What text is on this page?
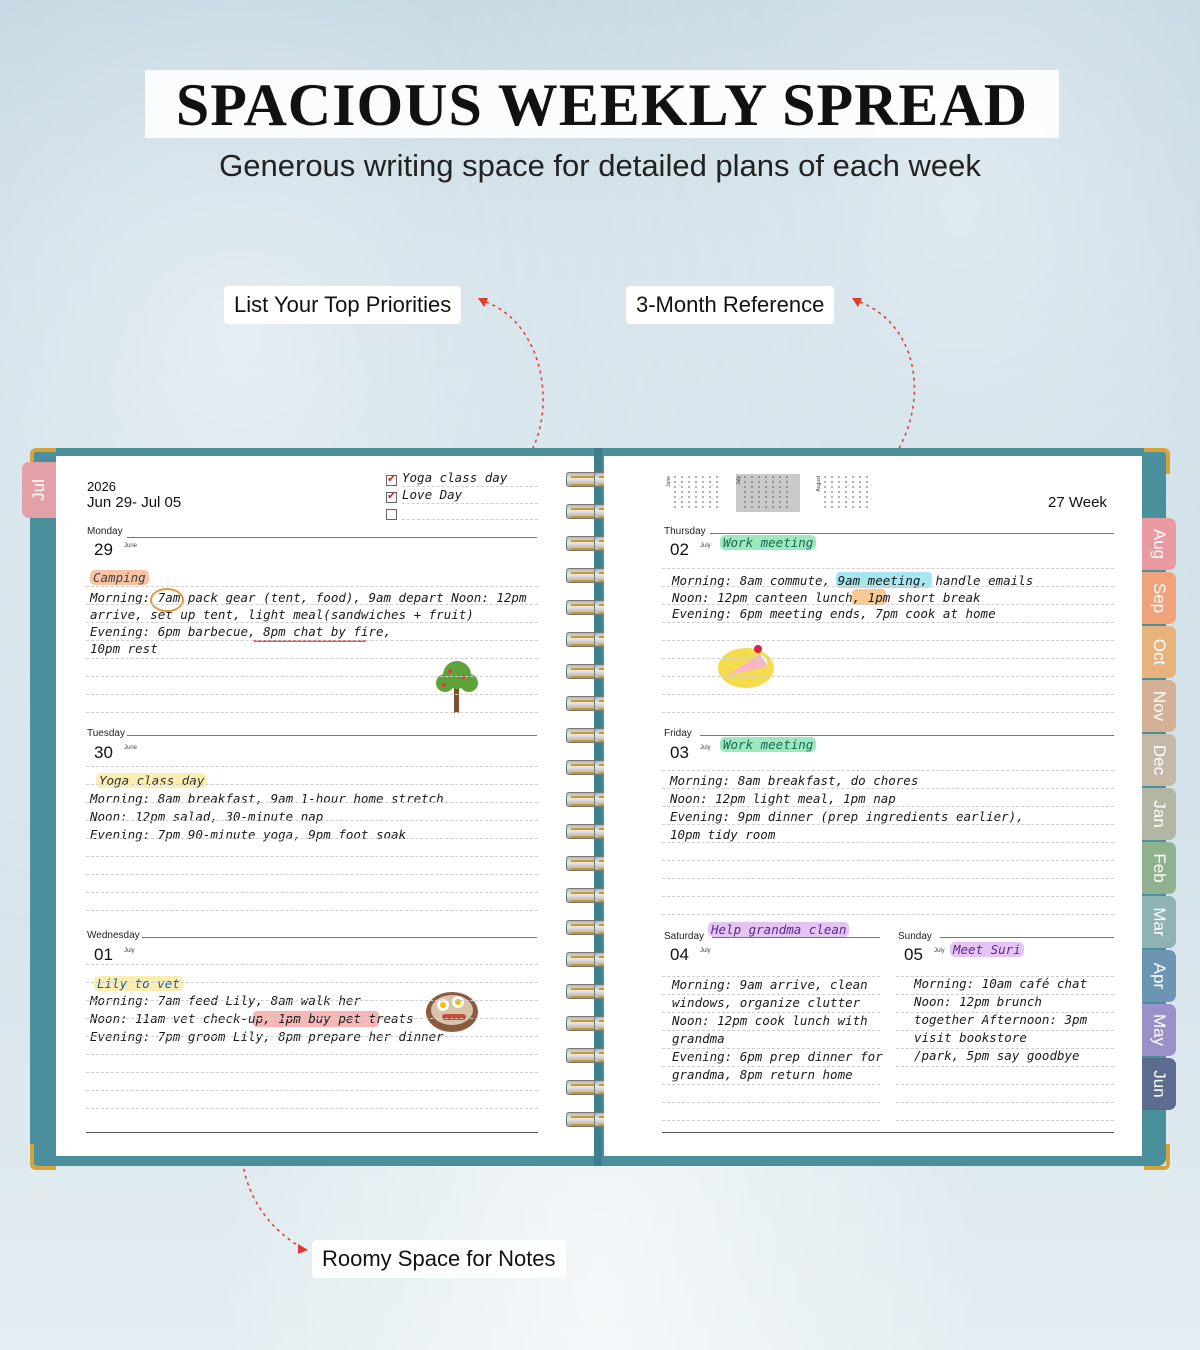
SPACIOUS WEEKLY SPREAD
Generous writing space for detailed plans of each week
List Your Top Priorities	3-Month Reference
Roomy Space for Notes
Jul	2026
Jun 29- Jul 05
✔ Yoga class day
✔ Love Day
Monday
29 June
Camping
Morning: 7am pack gear (tent, food), 9am depart Noon: 12pm
arrive, set up tent, light meal(sandwiches + fruit)
Evening: 6pm barbecue, 8pm chat by fire,
10pm rest
Tuesday
30 June
Yoga class day
Morning: 8am breakfast, 9am 1-hour home stretch
Noon: 12pm salad, 30-minute nap
Evening: 7pm 90-minute yoga, 9pm foot soak
Wednesday
01 July
Lily to vet
Morning: 7am feed Lily, 8am walk her
Noon: 11am vet check-up, 1pm buy pet treats
Evening: 7pm groom Lily, 8pm prepare her dinner
June	July	August
27 Week
Thursday
02 July Work meeting
Morning: 8am commute, 9am meeting, handle emails
Noon: 12pm canteen lunch, 1pm short break
Evening: 6pm meeting ends, 7pm cook at home
Friday
03 July Work meeting
Morning: 8am breakfast, do chores
Noon: 12pm light meal, 1pm nap
Evening: 9pm dinner (prep ingredients earlier),
10pm tidy room
Saturday
04 July
Help grandma clean
Morning: 9am arrive, clean
windows, organize clutter
Noon: 12pm cook lunch with
grandma
Evening: 6pm prep dinner for
grandma, 8pm return home
Sunday
05 July Meet Suri
Morning: 10am café chat
Noon: 12pm brunch
together Afternoon: 3pm
visit bookstore
/park, 5pm say goodbye
Aug
Sep
Oct
Nov
Dec
Jan
Feb
Mar
Apr
May
Jun
